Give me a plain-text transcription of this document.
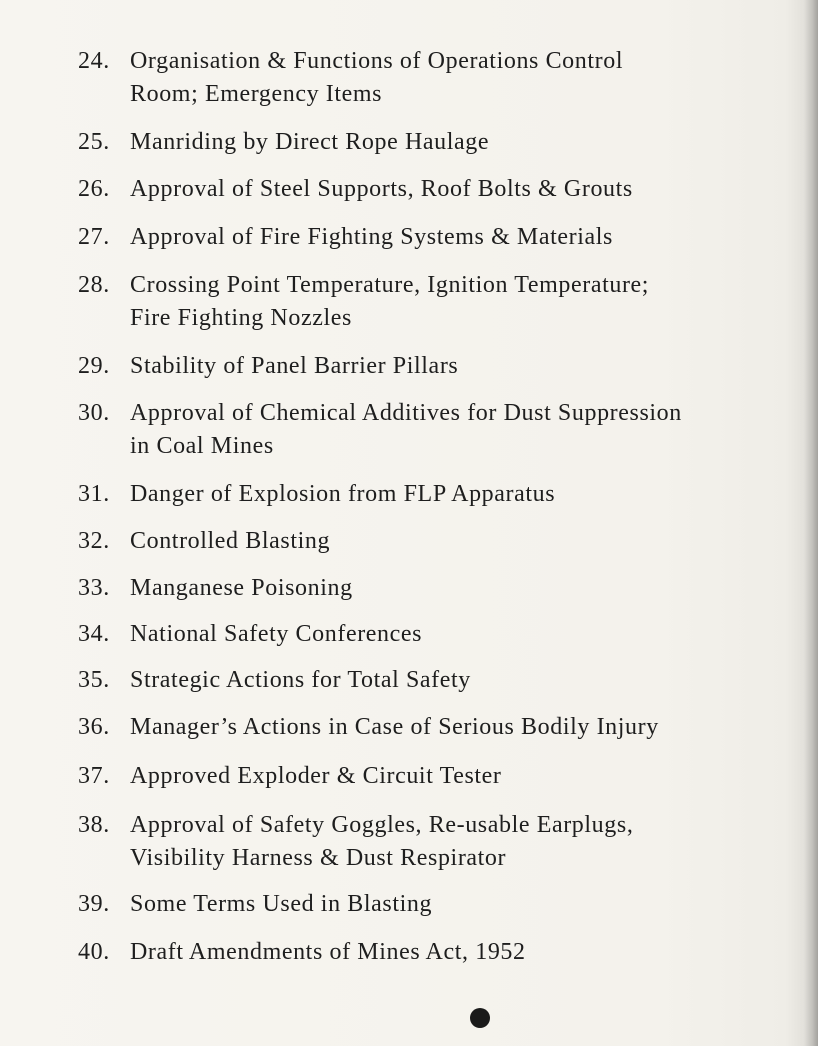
24. Organisation & Functions of Operations Control
Room; Emergency Items
25. Manriding by Direct Rope Haulage
26. Approval of Steel Supports, Roof Bolts & Grouts
27. Approval of Fire Fighting Systems & Materials
28. Crossing Point Temperature, Ignition Temperature;
Fire Fighting Nozzles
29. Stability of Panel Barrier Pillars
30. Approval of Chemical Additives for Dust Suppression
in Coal Mines
31. Danger of Explosion from FLP Apparatus
32. Controlled Blasting
33. Manganese Poisoning
34. National Safety Conferences
35. Strategic Actions for Total Safety
36. Manager’s Actions in Case of Serious Bodily Injury
37. Approved Exploder & Circuit Tester
38. Approval of Safety Goggles, Re-usable Earplugs,
Visibility Harness & Dust Respirator
39. Some Terms Used in Blasting
40. Draft Amendments of Mines Act, 1952
